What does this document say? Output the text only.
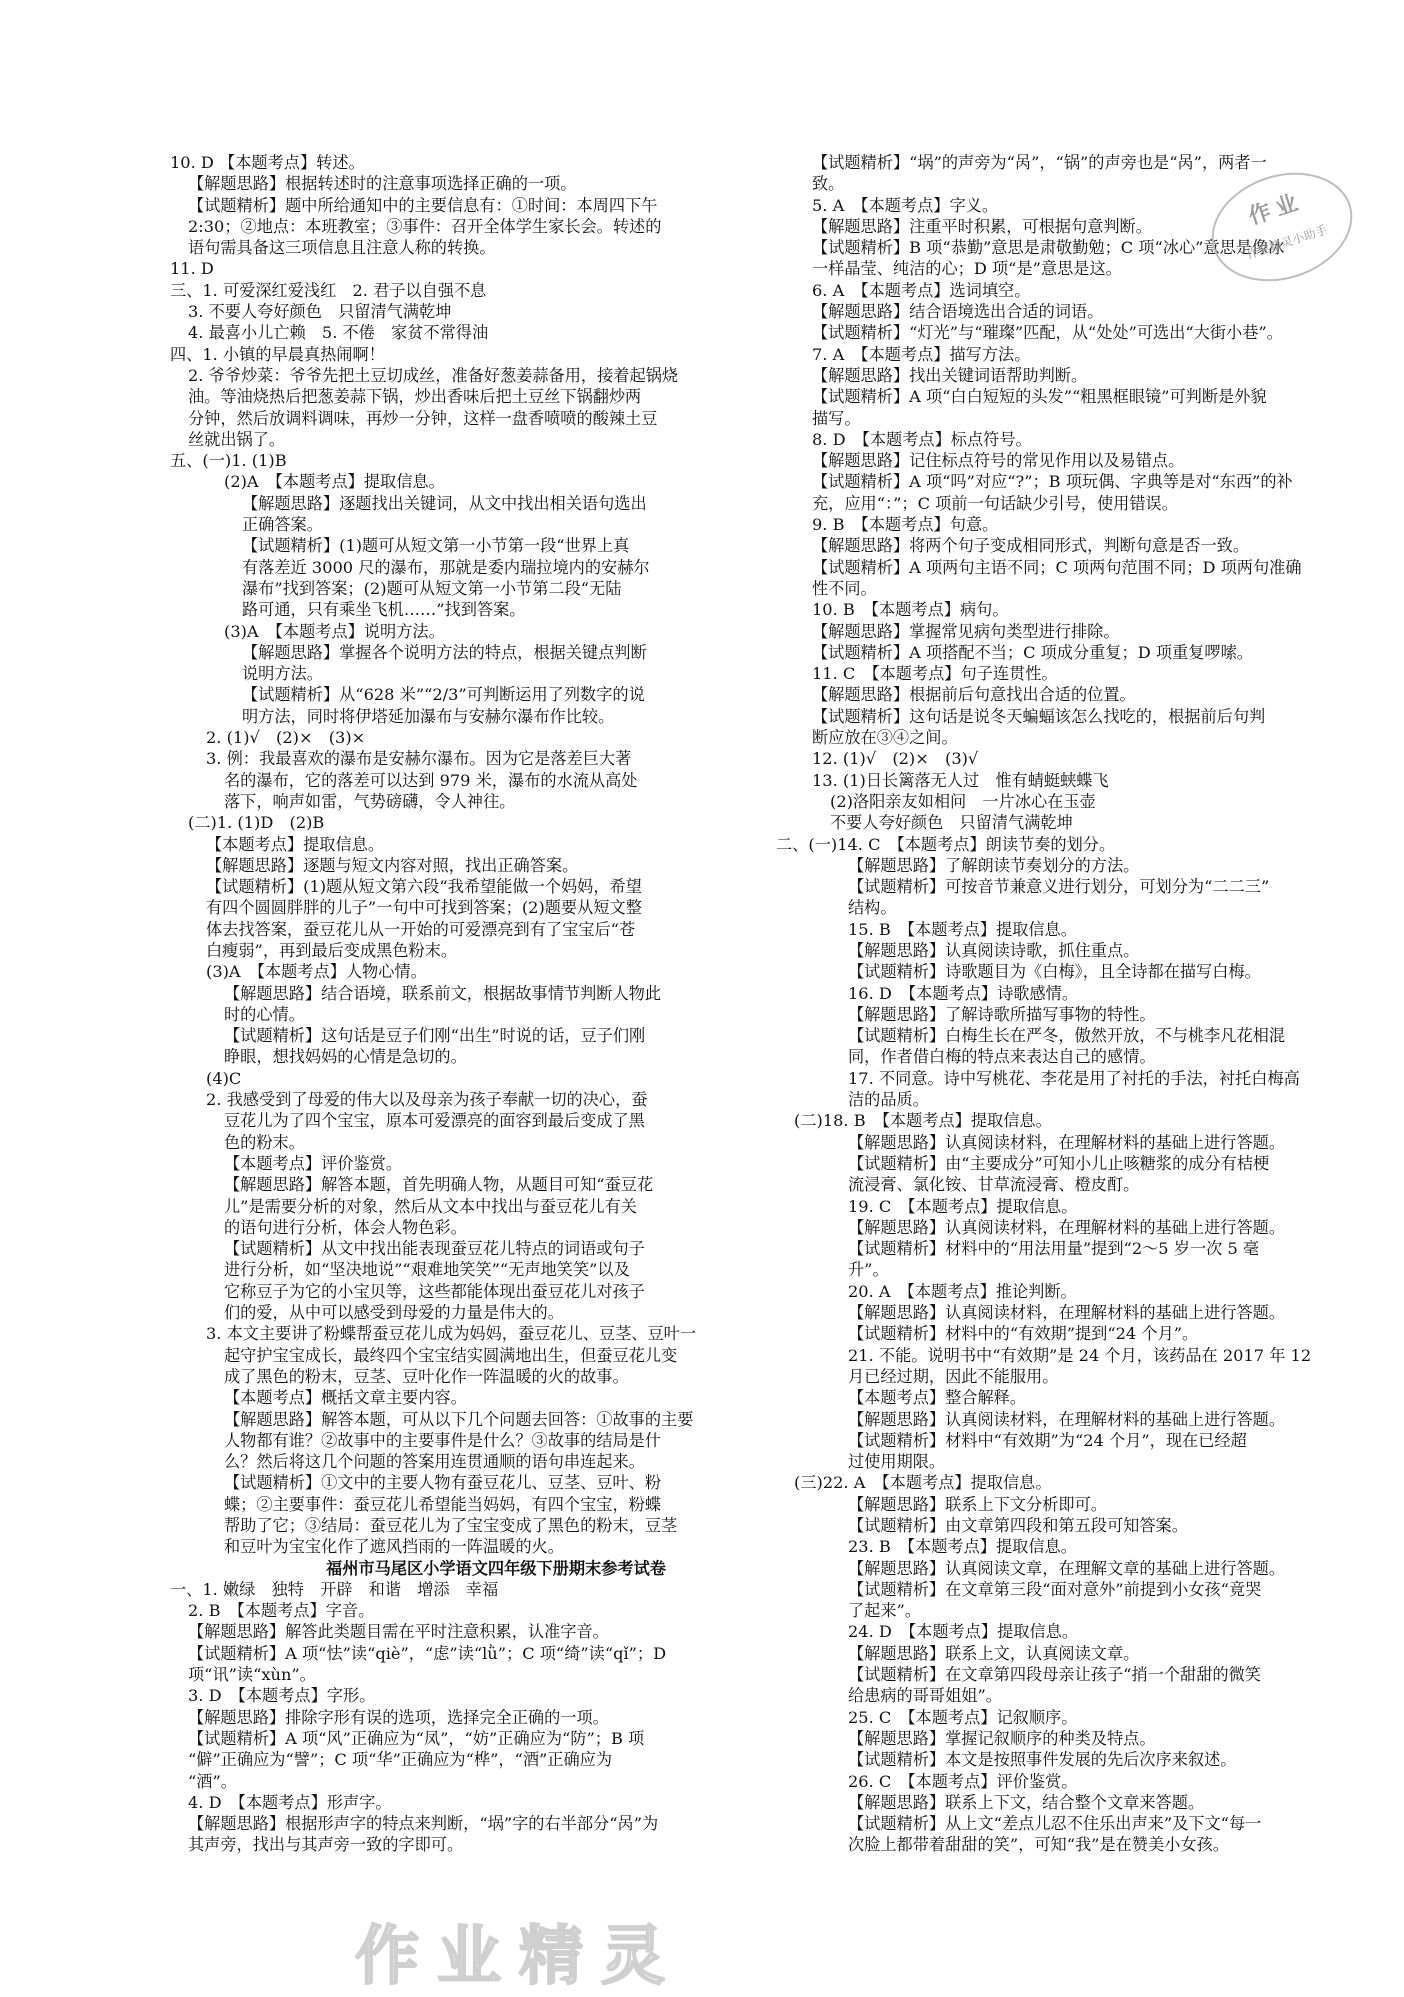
10. D 【本题考点】转述。
【解题思路】根据转述时的注意事项选择正确的一项。
【试题精析】题中所给通知中的主要信息有：①时间：本周四下午
2:30；②地点：本班教室；③事件：召开全体学生家长会。转述的
语句需具备这三项信息且注意人称的转换。
11. D
三、1. 可爱深红爱浅红　2. 君子以自强不息
3. 不要人夸好颜色　只留清气满乾坤
4. 最喜小儿亡赖　5. 不倦　家贫不常得油
四、1. 小镇的早晨真热闹啊！
2. 爷爷炒菜：爷爷先把土豆切成丝，准备好葱姜蒜备用，接着起锅烧
油。等油烧热后把葱姜蒜下锅，炒出香味后把土豆丝下锅翻炒两
分钟，然后放调料调味，再炒一分钟，这样一盘香喷喷的酸辣土豆
丝就出锅了。
五、(一)1. (1)B
(2)A　【本题考点】提取信息。
【解题思路】逐题找出关键词，从文中找出相关语句选出
正确答案。
【试题精析】(1)题可从短文第一小节第一段“世界上真
有落差近 3000 尺的瀑布，那就是委内瑞拉境内的安赫尔
瀑布”找到答案；(2)题可从短文第一小节第二段“无陆
路可通，只有乘坐飞机……”找到答案。
(3)A　【本题考点】说明方法。
【解题思路】掌握各个说明方法的特点，根据关键点判断
说明方法。
【试题精析】从“628 米”“2/3”可判断运用了列数字的说
明方法，同时将伊塔延加瀑布与安赫尔瀑布作比较。
2. (1)√　(2)×　(3)×
3. 例：我最喜欢的瀑布是安赫尔瀑布。因为它是落差巨大著
名的瀑布，它的落差可以达到 979 米，瀑布的水流从高处
落下，响声如雷，气势磅礴，令人神往。
(二)1. (1)D　(2)B
【本题考点】提取信息。
【解题思路】逐题与短文内容对照，找出正确答案。
【试题精析】(1)题从短文第六段“我希望能做一个妈妈，希望
有四个圆圆胖胖的儿子”一句中可找到答案；(2)题要从短文整
体去找答案，蚕豆花儿从一开始的可爱漂亮到有了宝宝后“苍
白瘦弱”，再到最后变成黑色粉末。
(3)A　【本题考点】人物心情。
【解题思路】结合语境，联系前文，根据故事情节判断人物此
时的心情。
【试题精析】这句话是豆子们刚“出生”时说的话，豆子们刚
睁眼，想找妈妈的心情是急切的。
(4)C
2. 我感受到了母爱的伟大以及母亲为孩子奉献一切的决心，蚕
豆花儿为了四个宝宝，原本可爱漂亮的面容到最后变成了黑
色的粉末。
【本题考点】评价鉴赏。
【解题思路】解答本题，首先明确人物，从题目可知“蚕豆花
儿”是需要分析的对象，然后从文本中找出与蚕豆花儿有关
的语句进行分析，体会人物色彩。
【试题精析】从文中找出能表现蚕豆花儿特点的词语或句子
进行分析，如“坚决地说”“艰难地笑笑”“无声地笑笑”以及
它称豆子为它的小宝贝等，这些都能体现出蚕豆花儿对孩子
们的爱，从中可以感受到母爱的力量是伟大的。
3. 本文主要讲了粉蝶帮蚕豆花儿成为妈妈，蚕豆花儿、豆茎、豆叶一
起守护宝宝成长，最终四个宝宝结实圆满地出生，但蚕豆花儿变
成了黑色的粉末，豆茎、豆叶化作一阵温暖的火的故事。
【本题考点】概括文章主要内容。
【解题思路】解答本题，可从以下几个问题去回答：①故事的主要
人物都有谁？②故事中的主要事件是什么？③故事的结局是什
么？然后将这几个问题的答案用连贯通顺的语句串连起来。
【试题精析】①文中的主要人物有蚕豆花儿、豆茎、豆叶、粉
蝶；②主要事件：蚕豆花儿希望能当妈妈，有四个宝宝，粉蝶
帮助了它；③结局：蚕豆花儿为了宝宝变成了黑色的粉末，豆茎
和豆叶为宝宝化作了遮风挡雨的一阵温暖的火。
福州市马尾区小学语文四年级下册期末参考试卷
一、1. 嫩绿　独特　开辟　和谐　增添　幸福
2. B　【本题考点】字音。
【解题思路】解答此类题目需在平时注意积累，认准字音。
【试题精析】A 项“怯”读“qiè”，“虑”读“lǜ”；C 项“绮”读“qǐ”；D
项“讯”读“xùn”。
3. D　【本题考点】字形。
【解题思路】排除字形有误的选项，选择完全正确的一项。
【试题精析】A 项“风”正确应为“凤”，“妨”正确应为“防”；B 项
“僻”正确应为“譬”；C 项“华”正确应为“桦”，“酒”正确应为
“酒”。
4. D　【本题考点】形声字。
【解题思路】根据形声字的特点来判断，“埚”字的右半部分“呙”为
其声旁，找出与其声旁一致的字即可。
【试题精析】“埚”的声旁为“呙”，“锅”的声旁也是“呙”，两者一
致。
5. A　【本题考点】字义。
【解题思路】注重平时积累，可根据句意判断。
【试题精析】B 项“恭勤”意思是肃敬勤勉；C 项“冰心”意思是像冰
一样晶莹、纯洁的心；D 项“是”意思是这。
6. A　【本题考点】选词填空。
【解题思路】结合语境选出合适的词语。
【试题精析】“灯光”与“璀璨”匹配，从“处处”可选出“大街小巷”。
7. A　【本题考点】描写方法。
【解题思路】找出关键词语帮助判断。
【试题精析】A 项“白白短短的头发”“粗黑框眼镜”可判断是外貌
描写。
8. D　【本题考点】标点符号。
【解题思路】记住标点符号的常见作用以及易错点。
【试题精析】A 项“吗”对应“?”；B 项玩偶、字典等是对“东西”的补
充，应用“：”；C 项前一句话缺少引号，使用错误。
9. B　【本题考点】句意。
【解题思路】将两个句子变成相同形式，判断句意是否一致。
【试题精析】A 项两句主语不同；C 项两句范围不同；D 项两句准确
性不同。
10. B　【本题考点】病句。
【解题思路】掌握常见病句类型进行排除。
【试题精析】A 项搭配不当；C 项成分重复；D 项重复啰嗦。
11. C　【本题考点】句子连贯性。
【解题思路】根据前后句意找出合适的位置。
【试题精析】这句话是说冬天蝙蝠该怎么找吃的，根据前后句判
断应放在③④之间。
12. (1)√　(2)×　(3)√
13. (1)日长篱落无人过　惟有蜻蜓蛱蝶飞
(2)洛阳亲友如相问　一片冰心在玉壶
不要人夸好颜色　只留清气满乾坤
二、(一)14. C　【本题考点】朗读节奏的划分。
【解题思路】了解朗读节奏划分的方法。
【试题精析】可按音节兼意义进行划分，可划分为“二二三”
结构。
15. B　【本题考点】提取信息。
【解题思路】认真阅读诗歌，抓住重点。
【试题精析】诗歌题目为《白梅》，且全诗都在描写白梅。
16. D　【本题考点】诗歌感情。
【解题思路】了解诗歌所描写事物的特性。
【试题精析】白梅生长在严冬，傲然开放，不与桃李凡花相混
同，作者借白梅的特点来表达自己的感情。
17. 不同意。诗中写桃花、李花是用了衬托的手法，衬托白梅高
洁的品质。
(二)18. B　【本题考点】提取信息。
【解题思路】认真阅读材料，在理解材料的基础上进行答题。
【试题精析】由“主要成分”可知小儿止咳糖浆的成分有桔梗
流浸膏、氯化铵、甘草流浸膏、橙皮酊。
19. C　【本题考点】提取信息。
【解题思路】认真阅读材料，在理解材料的基础上进行答题。
【试题精析】材料中的“用法用量”提到“2～5 岁一次 5 毫
升”。
20. A　【本题考点】推论判断。
【解题思路】认真阅读材料，在理解材料的基础上进行答题。
【试题精析】材料中的“有效期”提到“24 个月”。
21. 不能。说明书中“有效期”是 24 个月，该药品在 2017 年 12
月已经过期，因此不能服用。
【本题考点】整合解释。
【解题思路】认真阅读材料，在理解材料的基础上进行答题。
【试题精析】材料中“有效期”为“24 个月”，现在已经超
过使用期限。
(三)22. A　【本题考点】提取信息。
【解题思路】联系上下文分析即可。
【试题精析】由文章第四段和第五段可知答案。
23. B　【本题考点】提取信息。
【解题思路】认真阅读文章，在理解文章的基础上进行答题。
【试题精析】在文章第三段“面对意外”前提到小女孩“竟哭
了起来”。
24. D　【本题考点】提取信息。
【解题思路】联系上文，认真阅读文章。
【试题精析】在文章第四段母亲让孩子“捎一个甜甜的微笑
给患病的哥哥姐姐”。
25. C　【本题考点】记叙顺序。
【解题思路】掌握记叙顺序的种类及特点。
【试题精析】本文是按照事件发展的先后次序来叙述。
26. C　【本题考点】评价鉴赏。
【解题思路】联系上下文，结合整个文章来答题。
【试题精析】从上文“差点儿忍不住乐出声来”及下文“每一
次脸上都带着甜甜的笑”，可知“我”是在赞美小女孩。
作业
作业精灵小助手
作业精灵
